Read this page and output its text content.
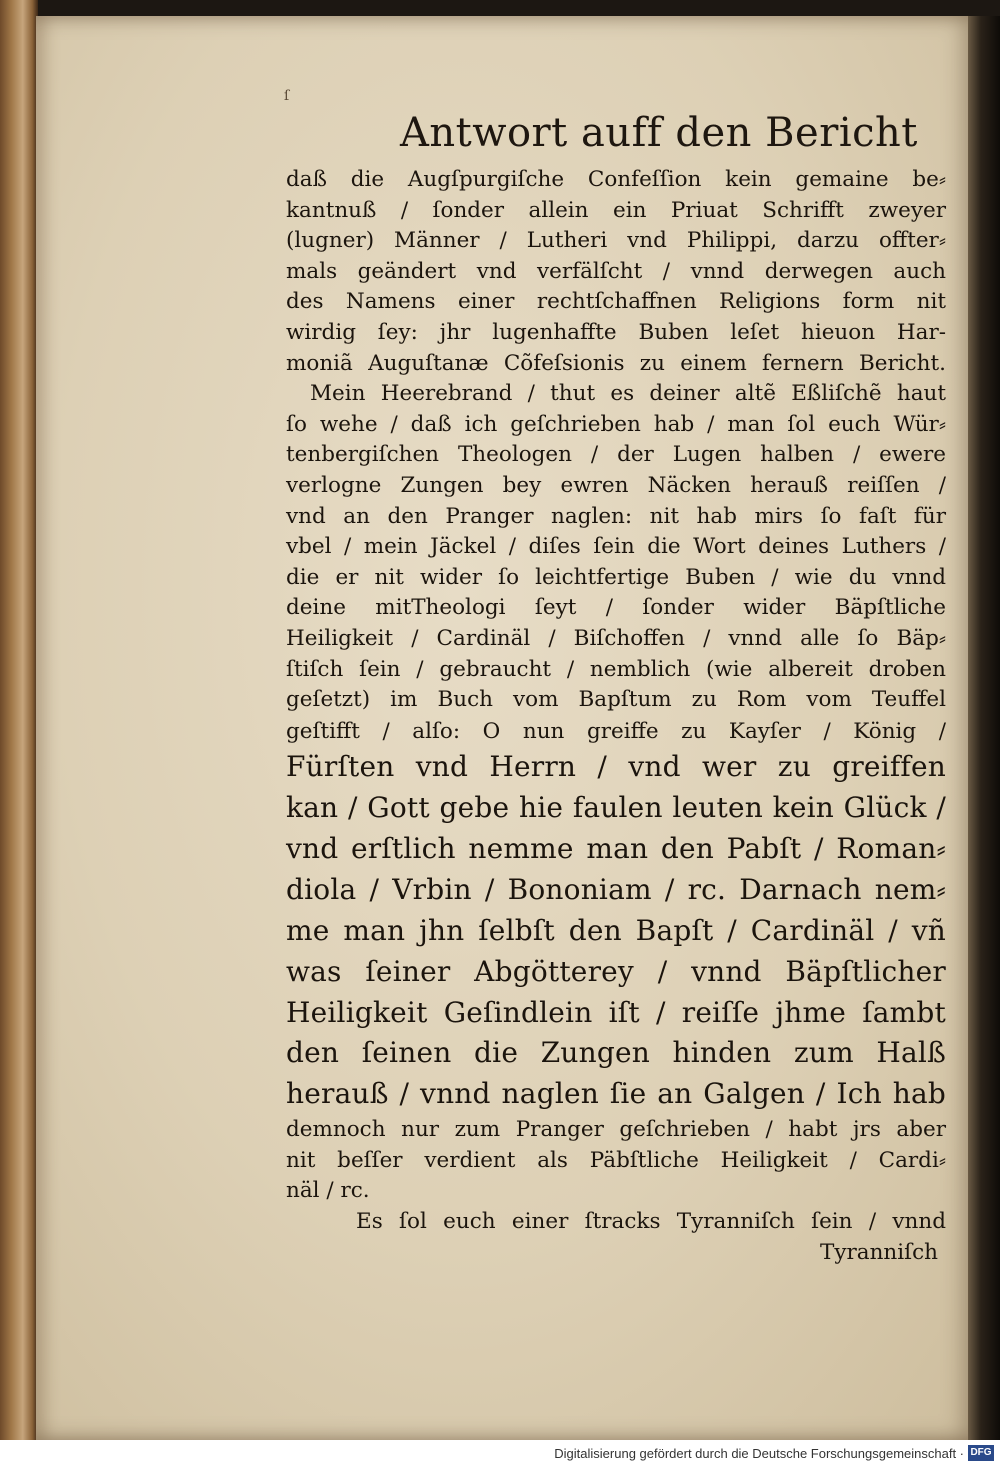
ſ
Antwort auff den Bericht
daß die Augſpurgiſche Confeſſion kein gemaine be⸗
kantnuß / ſonder allein ein Priuat Schrifft zweyer
(lugner) Männer / Lutheri vnd Philippi, darzu offter⸗
mals geändert vnd verfälſcht / vnnd derwegen auch
des Namens einer rechtſchaffnen Religions form nit
wirdig ſey: jhr lugenhaffte Buben leſet hieuon Har-
moniã Auguſtanæ Cõfeſsionis zu einem fernern Bericht.
Mein Heerebrand / thut es deiner altẽ Eßliſchẽ haut
ſo wehe / daß ich geſchrieben hab / man ſol euch Wür⸗
tenbergiſchen Theologen / der Lugen halben / ewere
verlogne Zungen bey ewren Näcken herauß reiſſen /
vnd an den Pranger naglen: nit hab mirs ſo faſt für
vbel / mein Jäckel / diſes ſein die Wort deines Luthers /
die er nit wider ſo leichtfertige Buben / wie du vnnd
deine mitTheologi ſeyt / ſonder wider Bäpſtliche
Heiligkeit / Cardinäl / Biſchoffen / vnnd alle ſo Bäp⸗
ſtiſch ſein / gebraucht / nemblich (wie albereit droben
geſetzt) im Buch vom Bapſtum zu Rom vom Teuffel
geſtifft / alſo: O nun greiffe zu Kayſer / König /
Fürſten vnd Herrn / vnd wer zu greiffen
kan / Gott gebe hie faulen leuten kein Glück /
vnd erſtlich nemme man den Pabſt / Roman⸗
diola / Vrbin / Bononiam / rc. Darnach nem⸗
me man jhn ſelbſt den Bapſt / Cardinäl / vñ
was ſeiner Abgötterey / vnnd Bäpſtlicher
Heiligkeit Geſindlein iſt / reiſſe jhme ſambt
den ſeinen die Zungen hinden zum Halß
herauß / vnnd naglen ſie an Galgen / Ich hab
demnoch nur zum Pranger geſchrieben / habt jrs aber
nit beſſer verdient als Päbſtliche Heiligkeit / Cardi⸗
näl / rc.
Es ſol euch einer ſtracks Tyranniſch ſein / vnnd
Tyranniſch
Digitalisierung gefördert durch die Deutsche Forschungsgemeinschaft · DFG
